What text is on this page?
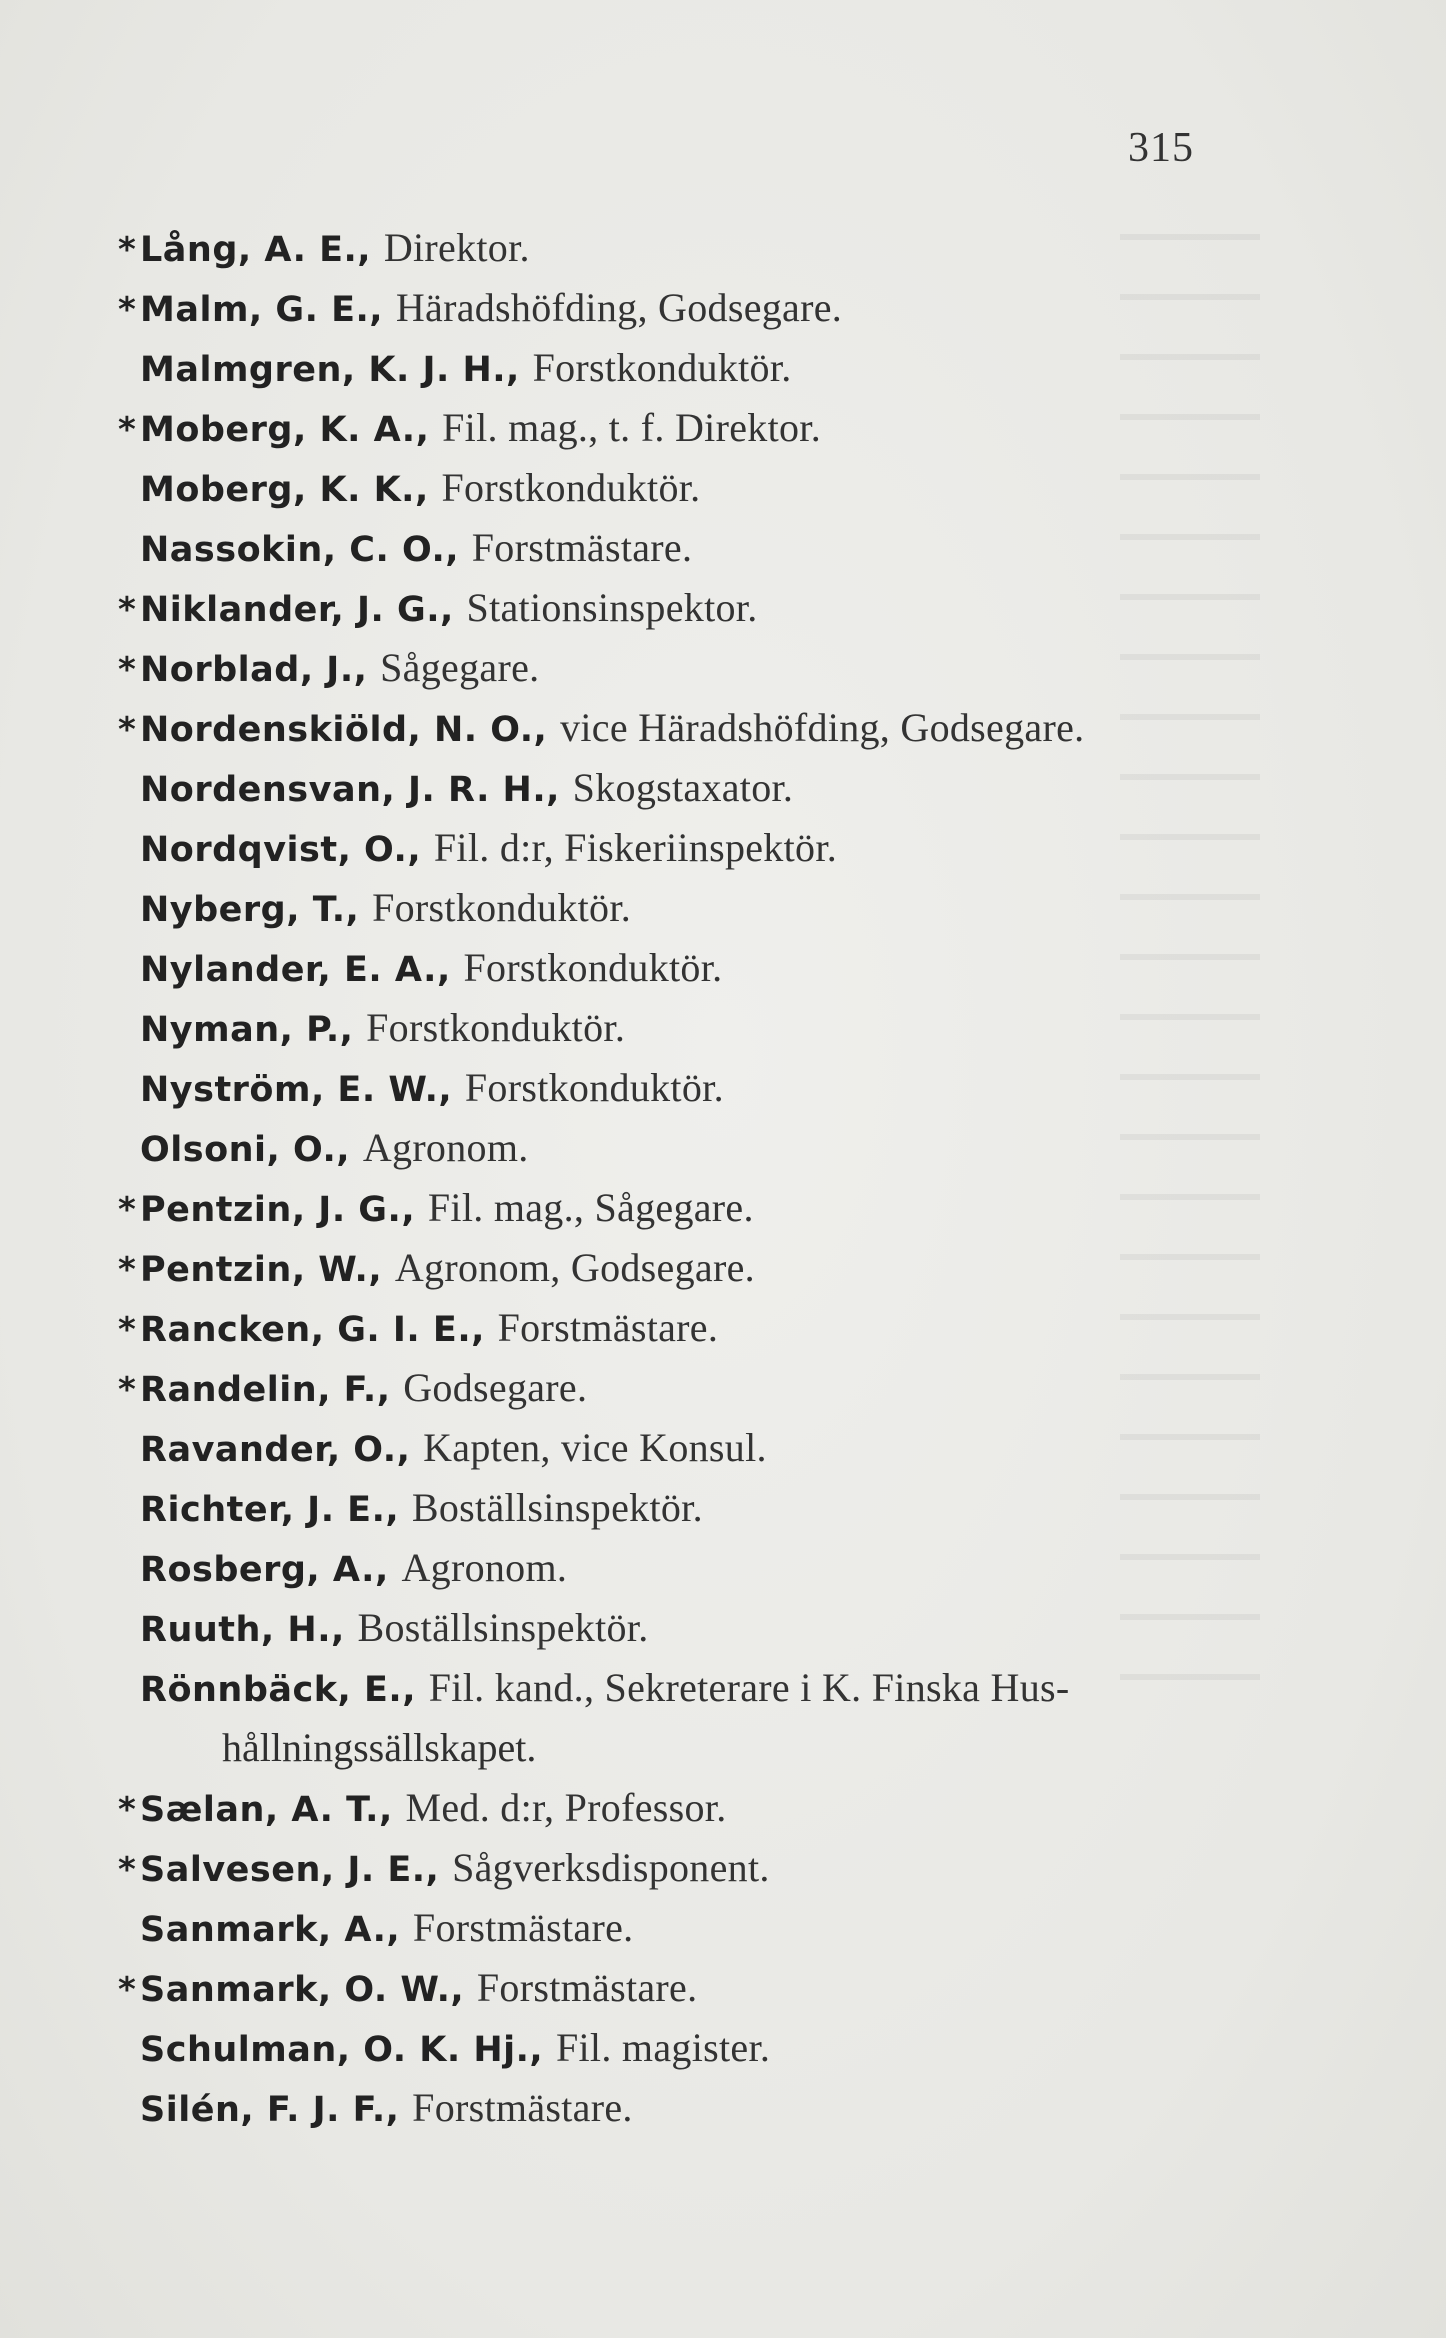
315
* Lång, A. E., Direktor.
* Malm, G. E., Häradshöfding, Godsegare.
Malmgren, K. J. H., Forstkonduktör.
* Moberg, K. A., Fil. mag., t. f. Direktor.
Moberg, K. K., Forstkonduktör.
Nassokin, C. O., Forstmästare.
* Niklander, J. G., Stationsinspektor.
* Norblad, J., Sågegare.
* Nordenskiöld, N. O., vice Häradshöfding, Godsegare.
Nordensvan, J. R. H., Skogstaxator.
Nordqvist, O., Fil. d:r, Fiskeriinspektör.
Nyberg, T., Forstkonduktör.
Nylander, E. A., Forstkonduktör.
Nyman, P., Forstkonduktör.
Nyström, E. W., Forstkonduktör.
Olsoni, O., Agronom.
* Pentzin, J. G., Fil. mag., Sågegare.
* Pentzin, W., Agronom, Godsegare.
* Rancken, G. I. E., Forstmästare.
* Randelin, F., Godsegare.
Ravander, O., Kapten, vice Konsul.
Richter, J. E., Boställsinspektör.
Rosberg, A., Agronom.
Ruuth, H., Boställsinspektör.
Rönnbäck, E., Fil. kand., Sekreterare i K. Finska Hus-
hållningssällskapet.
* Sælan, A. T., Med. d:r, Professor.
* Salvesen, J. E., Sågverksdisponent.
Sanmark, A., Forstmästare.
* Sanmark, O. W., Forstmästare.
Schulman, O. K. Hj., Fil. magister.
Silén, F. J. F., Forstmästare.
